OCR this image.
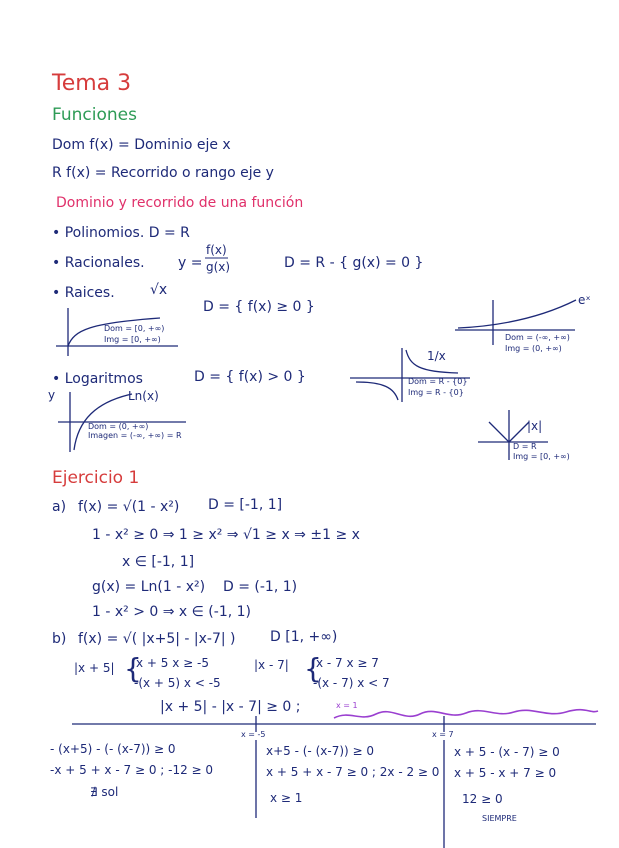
Tema 3
Funciones
Dom f(x) = Dominio eje x
R f(x) = Recorrido o rango eje y
Dominio y recorrido de una función
• Polinomios. D = R
• Racionales. y =
f(x)
g(x)	D = R - { g(x) = 0 }
• Raices.	√x
D = { f(x) ≥ 0 }
Dom = [0, +∞)
Img = [0, +∞)
eˣ
Dom = (-∞, +∞)
Img = (0, +∞)
1/x
Dom = R - {0}
Img = R - {0}
• Logaritmos	D = { f(x) > 0 }
y	Ln(x)
Dom = (0, +∞)
Imagen = (-∞, +∞) = R
|x|
D = R
Img = [0, +∞)
Ejercicio 1
a) f(x) = √(1 - x²) D = [-1, 1]
1 - x² ≥ 0 ⇒ 1 ≥ x² ⇒ √1 ≥ x ⇒ ±1 ≥ x
x ∈ [-1, 1]
g(x) = Ln(1 - x²) D = (-1, 1)
1 - x² > 0 ⇒ x ∈ (-1, 1)
b) f(x) = √( |x+5| - |x-7| ) D [1, +∞)
|x + 5| {
x + 5 x ≥ -5
-(x + 5) x < -5
|x - 7| {
x - 7 x ≥ 7
-(x - 7) x < 7
|x + 5| - |x - 7| ≥ 0 ;	x = 1
x = -5	x = 7
- (x+5) - (- (x-7)) ≥ 0
-x + 5 + x - 7 ≥ 0 ; -12 ≥ 0
∄ sol
x+5 - (- (x-7)) ≥ 0
x + 5 + x - 7 ≥ 0 ; 2x - 2 ≥ 0
x ≥ 1
x + 5 - (x - 7) ≥ 0
x + 5 - x + 7 ≥ 0
12 ≥ 0
SIEMPRE
